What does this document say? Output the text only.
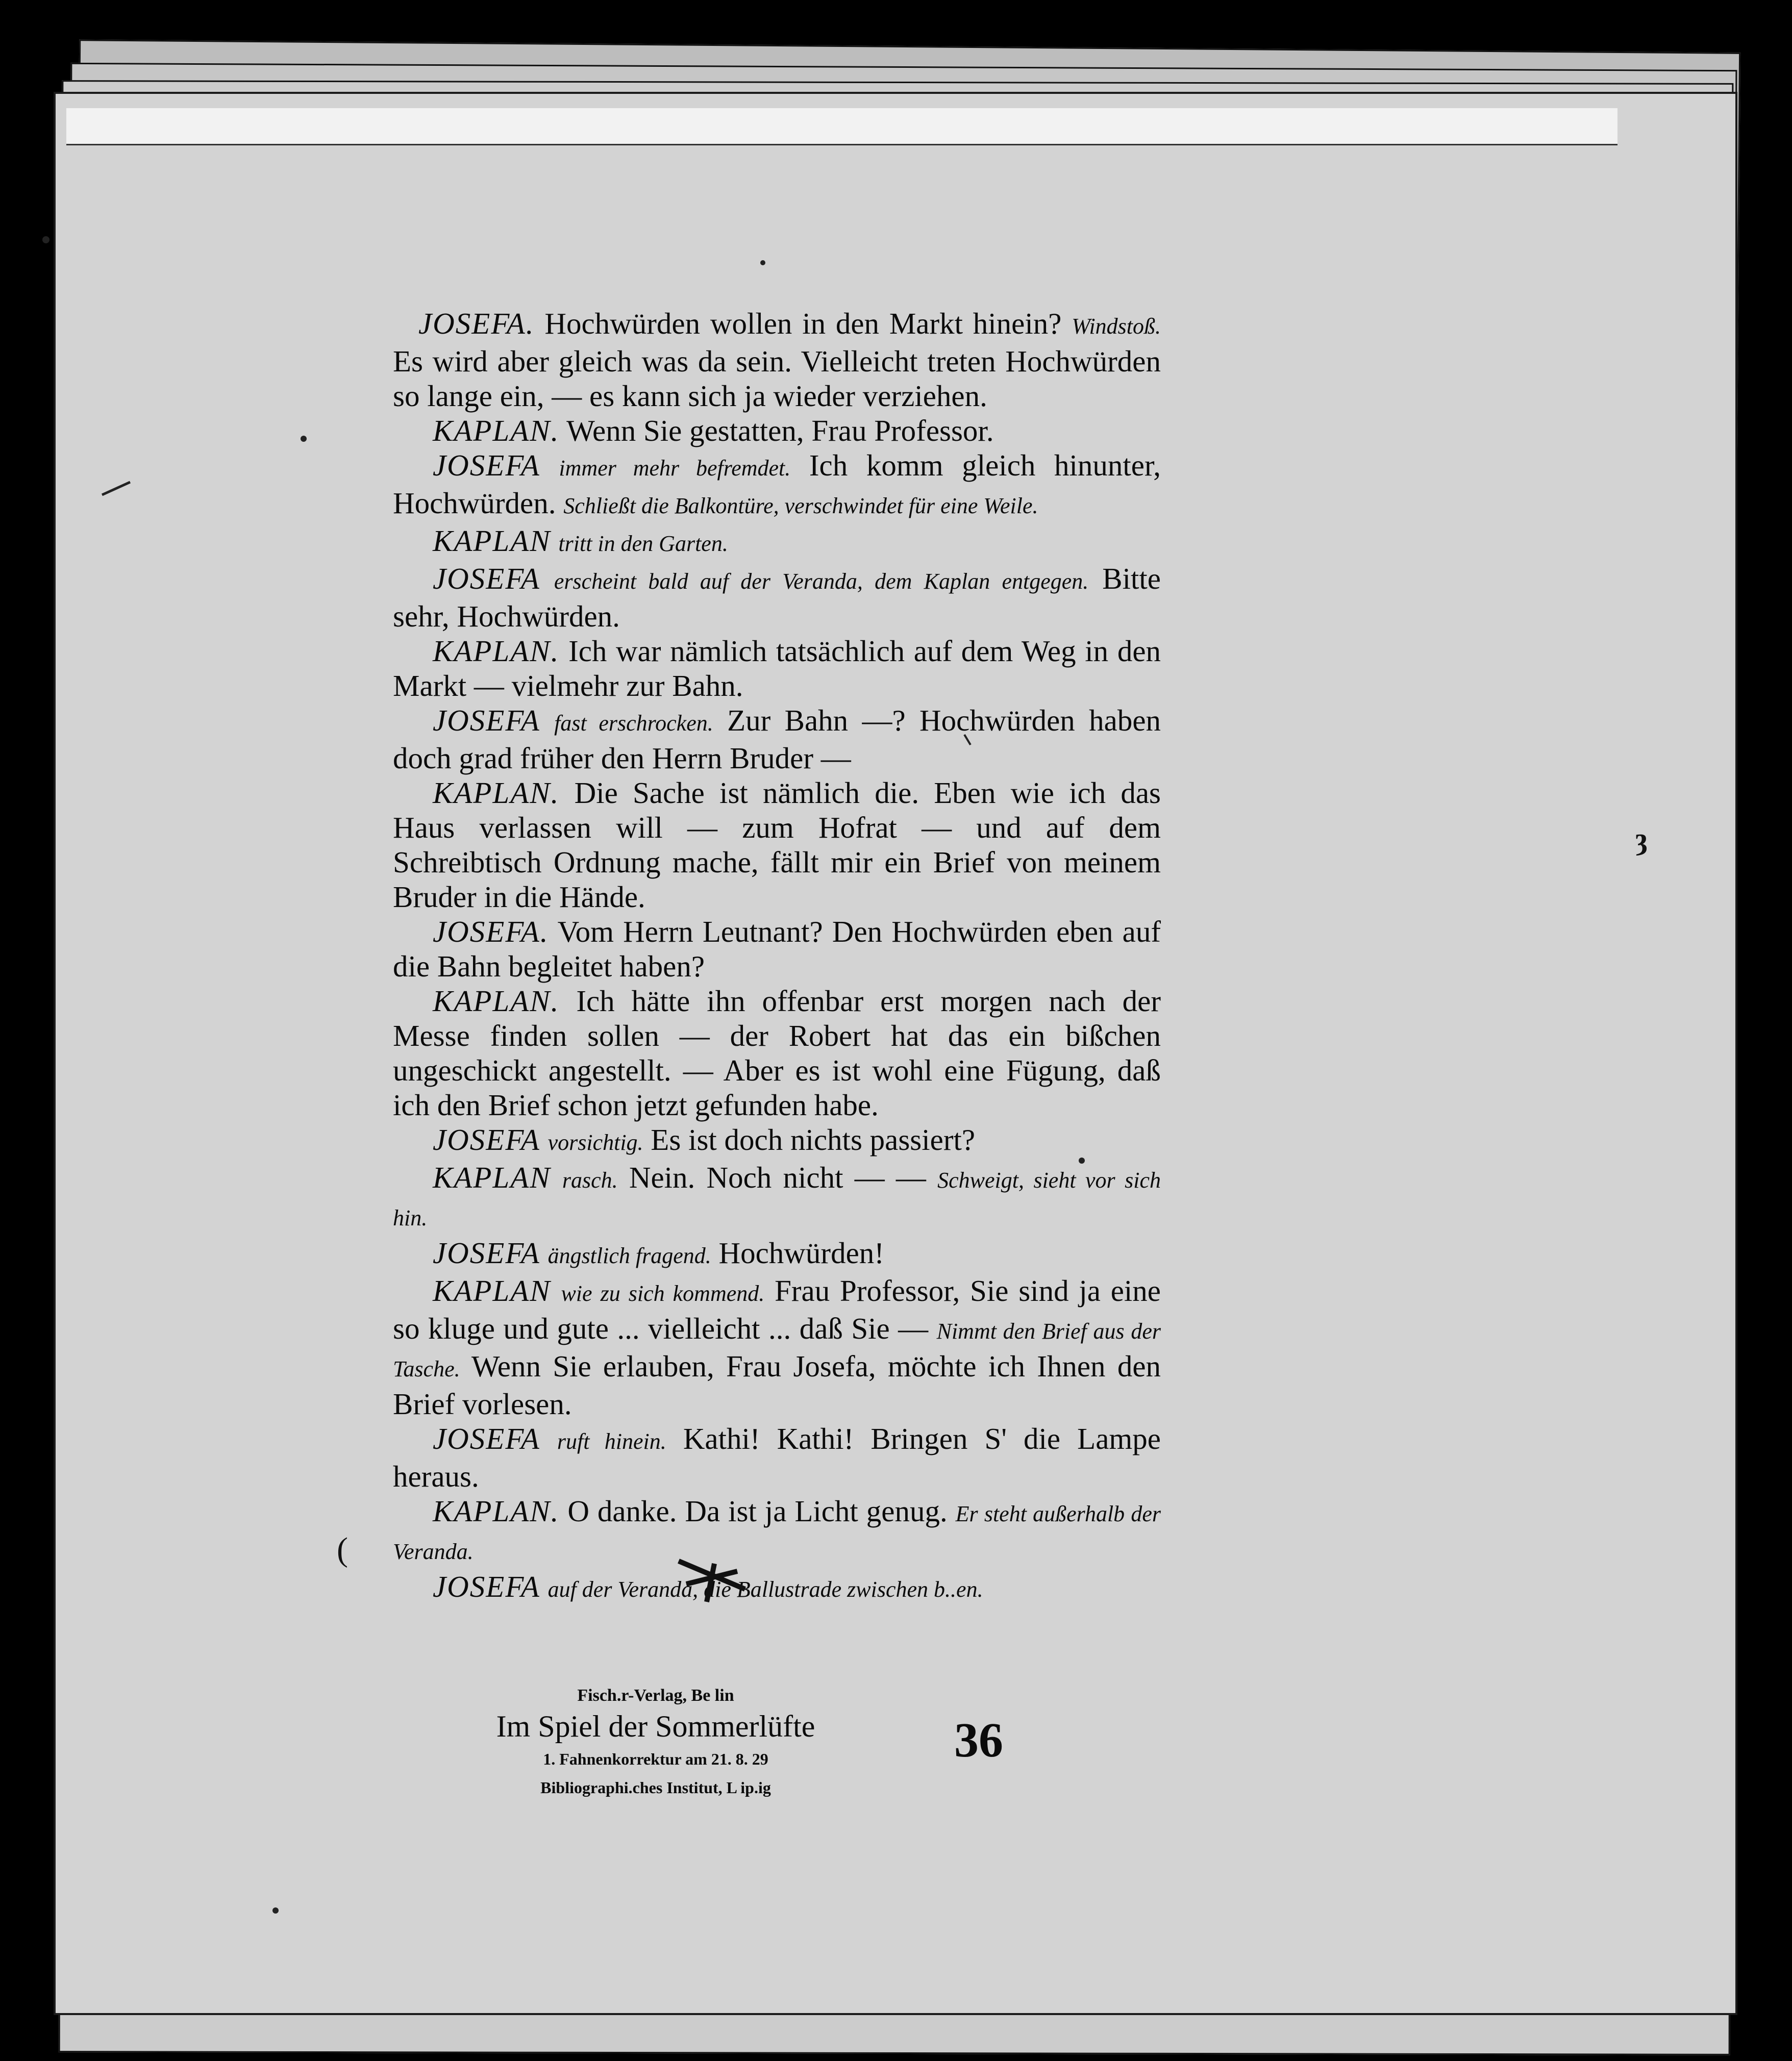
JOSEFA. Hochwürden wollen in den Markt hinein? Windstoß. Es wird aber gleich was da sein. Vielleicht treten Hochwürden so lange ein, — es kann sich ja wieder verziehen.

KAPLAN. Wenn Sie gestatten, Frau Professor.

JOSEFA immer mehr befremdet. Ich komm gleich hinunter, Hochwürden. Schließt die Balkontüre, verschwindet für eine Weile.

KAPLAN tritt in den Garten.

JOSEFA erscheint bald auf der Veranda, dem Kaplan entgegen. Bitte sehr, Hochwürden.

KAPLAN. Ich war nämlich tatsächlich auf dem Weg in den Markt — vielmehr zur Bahn.

JOSEFA fast erschrocken. Zur Bahn —? Hochwürden haben doch grad früher den Herrn Bruder —

KAPLAN. Die Sache ist nämlich die. Eben wie ich das Haus verlassen will — zum Hofrat — und auf dem Schreibtisch Ordnung mache, fällt mir ein Brief von meinem Bruder in die Hände.

JOSEFA. Vom Herrn Leutnant? Den Hochwürden eben auf die Bahn begleitet haben?

KAPLAN. Ich hätte ihn offenbar erst morgen nach der Messe finden sollen — der Robert hat das ein bißchen ungeschickt angestellt. — Aber es ist wohl eine Fügung, daß ich den Brief schon jetzt gefunden habe.

JOSEFA vorsichtig. Es ist doch nichts passiert?

KAPLAN rasch. Nein. Noch nicht — — Schweigt, sieht vor sich hin.

JOSEFA ängstlich fragend. Hochwürden!

KAPLAN wie zu sich kommend. Frau Professor, Sie sind ja eine so kluge und gute ... vielleicht ... daß Sie — Nimmt den Brief aus der Tasche. Wenn Sie erlauben, Frau Josefa, möchte ich Ihnen den Brief vorlesen.

JOSEFA ruft hinein. Kathi! Kathi! Bringen S' die Lampe heraus.

KAPLAN. O danke. Da ist ja Licht genug. Er steht außerhalb der Veranda.

JOSEFA auf der Veranda, die Ballustrade zwischen b..en.

Fisch.r-Verlag, Be lin
Im Spiel der Sommerlüfte
1. Fahnenkorrektur am 21. 8. 29
Bibliographi.ches Institut, L ip.ig
36
(
ȝ
